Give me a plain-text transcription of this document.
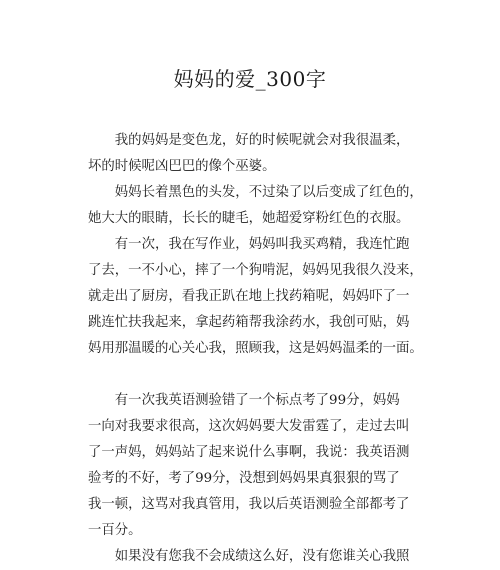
妈妈的爱_300字

我的妈妈是变色龙，好的时候呢就会对我很温柔，

坏的时候呢凶巴巴的像个巫婆。

妈妈长着黑色的头发，不过染了以后变成了红色的，

她大大的眼睛，长长的睫毛，她超爱穿粉红色的衣服。

有一次，我在写作业，妈妈叫我买鸡精，我连忙跑

了去，一不小心，摔了一个狗啃泥，妈妈见我很久没来，

就走出了厨房，看我正趴在地上找药箱呢，妈妈吓了一

跳连忙扶我起来，拿起药箱帮我涂药水，我创可贴，妈

妈用那温暖的心关心我，照顾我，这是妈妈温柔的一面。

有一次我英语测验错了一个标点考了99分，妈妈

一向对我要求很高，这次妈妈要大发雷霆了，走过去叫

了一声妈，妈妈站了起来说什么事啊，我说：我英语测

验考的不好，考了99分，没想到妈妈果真狠狠的骂了

我一顿，这骂对我真管用，我以后英语测验全部都考了

一百分。

如果没有您我不会成绩这么好，没有您谁关心我照
